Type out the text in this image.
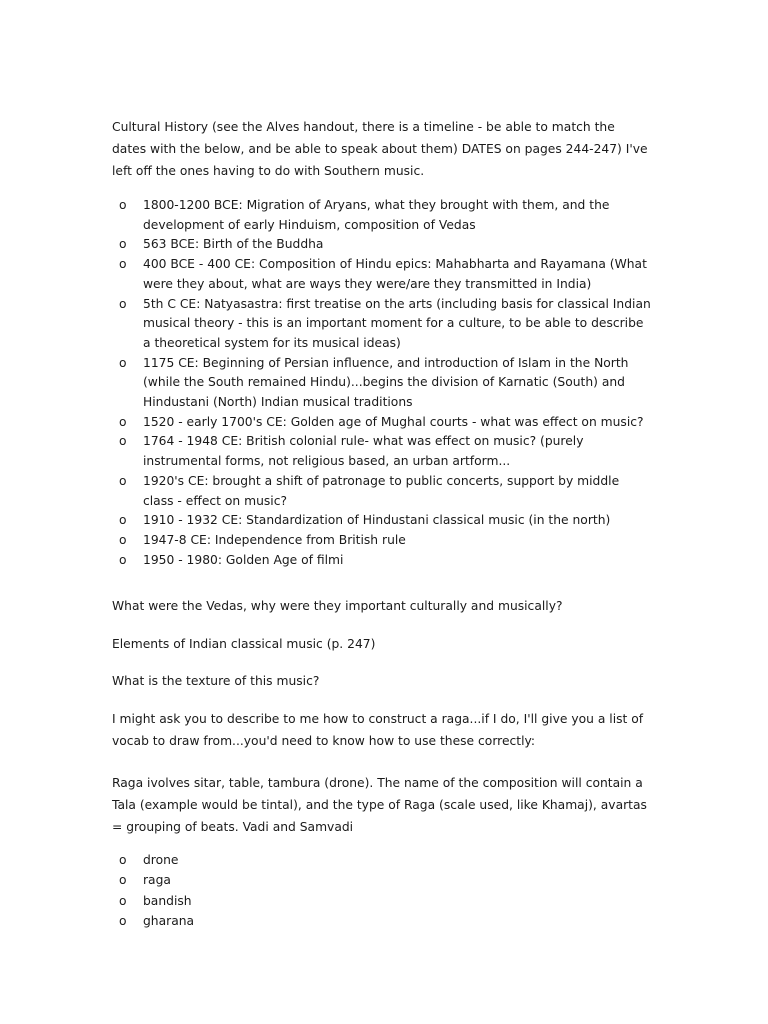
Cultural History (see the Alves handout, there is a timeline - be able to match the dates with the below, and be able to speak about them) DATES on pages 244-247) I've left off the ones having to do with Southern music.

o 1800-1200 BCE: Migration of Aryans, what they brought with them, and the development of early Hinduism, composition of Vedas
o 563 BCE: Birth of the Buddha
o 400 BCE - 400 CE: Composition of Hindu epics: Mahabharta and Rayamana (What were they about, what are ways they were/are they transmitted in India)
o 5th C CE: Natyasastra: first treatise on the arts (including basis for classical Indian musical theory - this is an important moment for a culture, to be able to describe a theoretical system for its musical ideas)
o 1175 CE: Beginning of Persian influence, and introduction of Islam in the North (while the South remained Hindu)...begins the division of Karnatic (South) and Hindustani (North) Indian musical traditions
o 1520 - early 1700's CE: Golden age of Mughal courts - what was effect on music?
o 1764 - 1948 CE: British colonial rule- what was effect on music? (purely instrumental forms, not religious based, an urban artform...
o 1920's CE: brought a shift of patronage to public concerts, support by middle class - effect on music?
o 1910 - 1932 CE: Standardization of Hindustani classical music (in the north)
o 1947-8 CE: Independence from British rule
o 1950 - 1980: Golden Age of filmi

What were the Vedas, why were they important culturally and musically?

Elements of Indian classical music (p. 247)

What is the texture of this music?

I might ask you to describe to me how to construct a raga...if I do, I'll give you a list of vocab to draw from...you'd need to know how to use these correctly:

Raga ivolves sitar, table, tambura (drone). The name of the composition will contain a Tala (example would be tintal), and the type of Raga (scale used, like Khamaj), avartas = grouping of beats. Vadi and Samvadi

o drone
o raga
o bandish
o gharana
